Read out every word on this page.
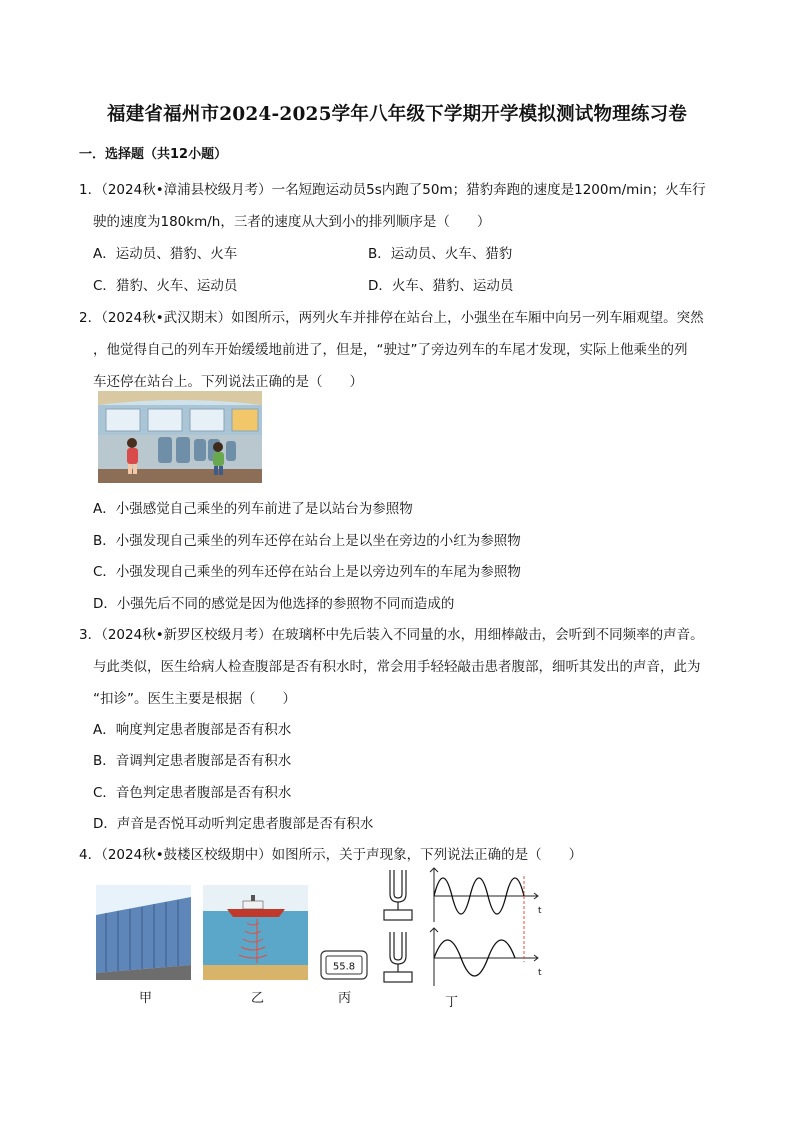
福建省福州市2024-2025学年八年级下学期开学模拟测试物理练习卷
一．选择题（共12小题）
1．（2024秋•漳浦县校级月考）一名短跑运动员5s内跑了50m；猎豹奔跑的速度是1200m/min；火车行
驶的速度为180km/h，三者的速度从大到小的排列顺序是（　　）
A．运动员、猎豹、火车	B．运动员、火车、猎豹
C．猎豹、火车、运动员	D．火车、猎豹、运动员
2．（2024秋•武汉期末）如图所示，两列火车并排停在站台上，小强坐在车厢中向另一列车厢观望。突然
，他觉得自己的列车开始缓缓地前进了，但是，“驶过”了旁边列车的车尾才发现，实际上他乘坐的列
车还停在站台上。下列说法正确的是（　　）
A．小强感觉自己乘坐的列车前进了是以站台为参照物
B．小强发现自己乘坐的列车还停在站台上是以坐在旁边的小红为参照物
C．小强发现自己乘坐的列车还停在站台上是以旁边列车的车尾为参照物
D．小强先后不同的感觉是因为他选择的参照物不同而造成的
3．（2024秋•新罗区校级月考）在玻璃杯中先后装入不同量的水，用细棒敲击，会听到不同频率的声音。
与此类似，医生给病人检查腹部是否有积水时，常会用手轻轻敲击患者腹部，细听其发出的声音，此为
“扣诊”。医生主要是根据（　　）
A．响度判定患者腹部是否有积水
B．音调判定患者腹部是否有积水
C．音色判定患者腹部是否有积水
D．声音是否悦耳动听判定患者腹部是否有积水
4．（2024秋•鼓楼区校级期中）如图所示，关于声现象，下列说法正确的是（　　）
55.8
t
t
甲	乙	丙	丁
